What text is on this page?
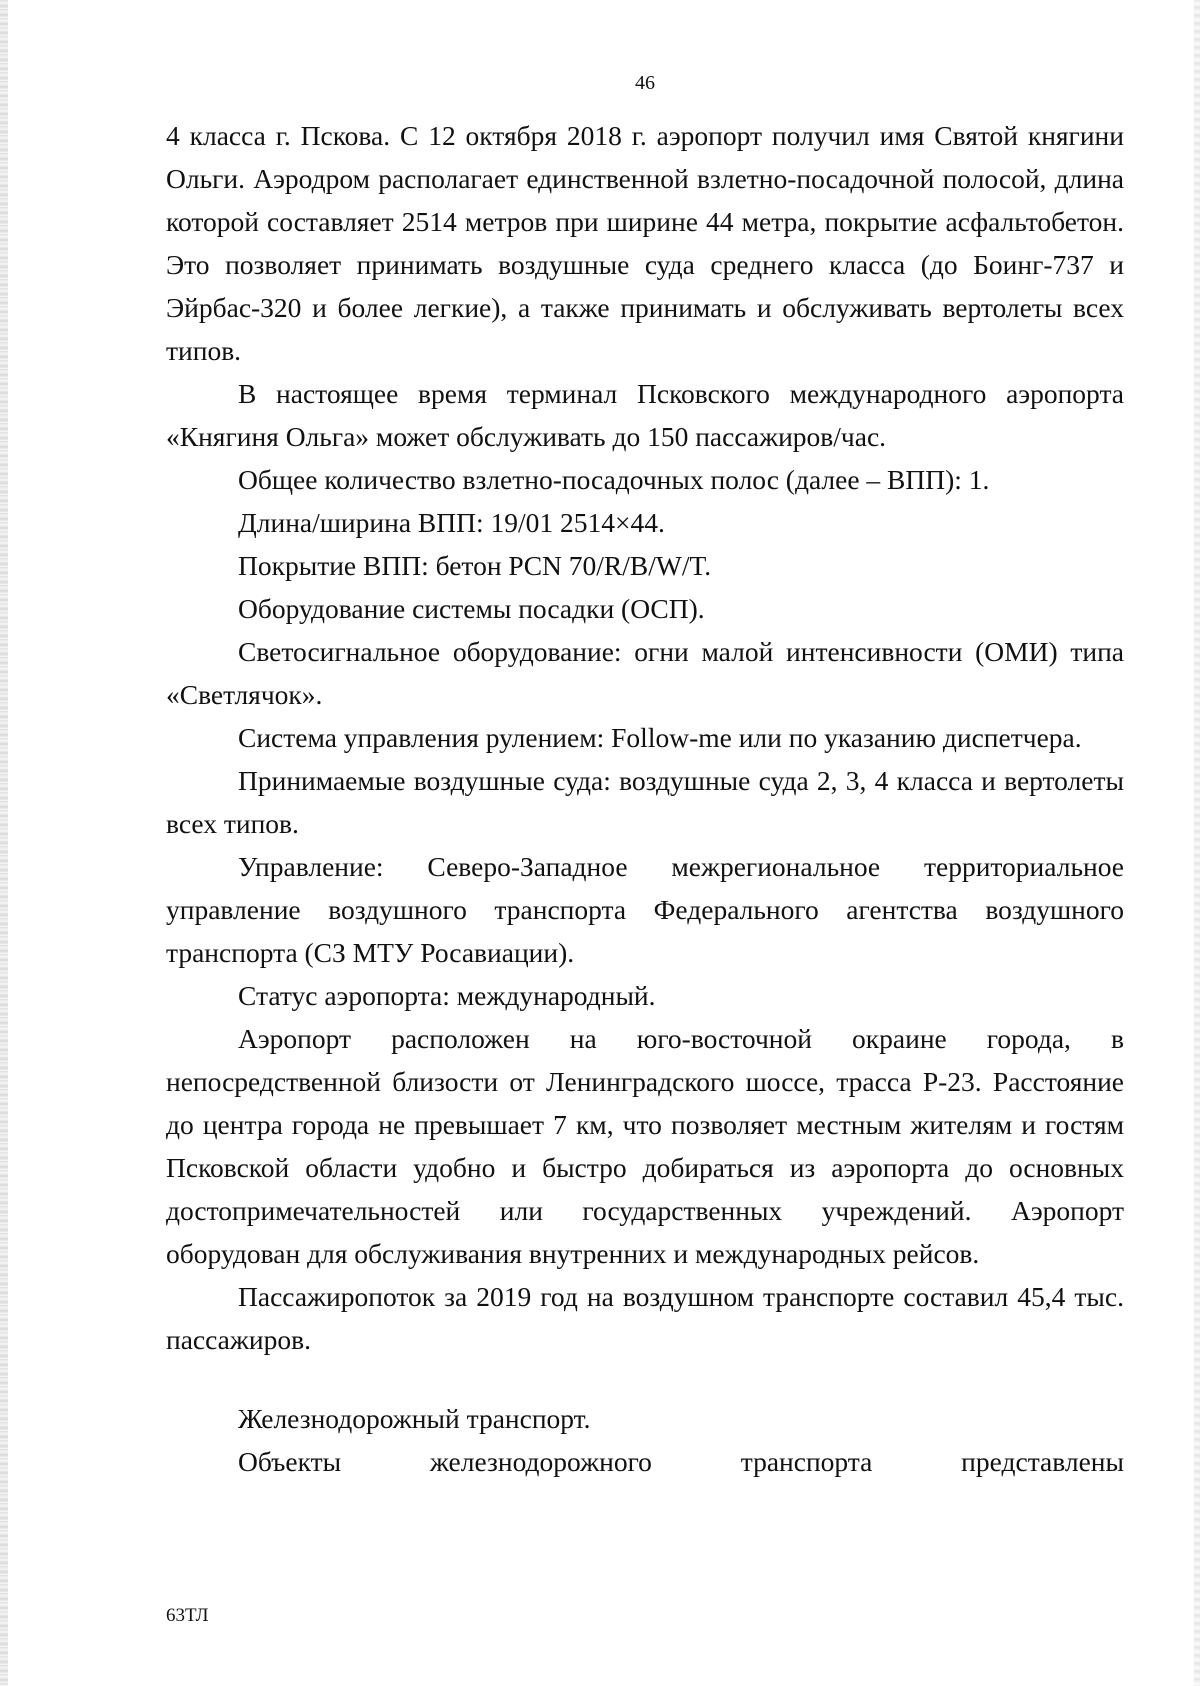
46

4 класса г. Пскова. С 12 октября 2018 г. аэропорт получил имя Святой княгини Ольги. Аэродром располагает единственной взлетно-посадочной полосой, длина которой составляет 2514 метров при ширине 44 метра, покрытие асфальтобетон. Это позволяет принимать воздушные суда среднего класса (до Боинг-737 и Эйрбас-320 и более легкие), а также принимать и обслуживать вертолеты всех типов.

В настоящее время терминал Псковского международного аэропорта «Княгиня Ольга» может обслуживать до 150 пассажиров/час.

Общее количество взлетно-посадочных полос (далее – ВПП): 1.

Длина/ширина ВПП: 19/01 2514×44.

Покрытие ВПП: бетон PCN 70/R/B/W/T.

Оборудование системы посадки (ОСП).

Светосигнальное оборудование: огни малой интенсивности (ОМИ) типа «Светлячок».

Система управления рулением: Follow-me или по указанию диспетчера.

Принимаемые воздушные суда: воздушные суда 2, 3, 4 класса и вертолеты всех типов.

Управление: Северо-Западное межрегиональное территориальное управление воздушного транспорта Федерального агентства воздушного транспорта (СЗ МТУ Росавиации).

Статус аэропорта: международный.

Аэропорт расположен на юго-восточной окраине города, в непосредственной близости от Ленинградского шоссе, трасса Р-23. Расстояние до центра города не превышает 7 км, что позволяет местным жителям и гостям Псковской области удобно и быстро добираться из аэропорта до основных достопримечательностей или государственных учреждений. Аэропорт оборудован для обслуживания внутренних и международных рейсов.

Пассажиропоток за 2019 год на воздушном транспорте составил 45,4 тыс. пассажиров.

Железнодорожный транспорт.

Объекты железнодорожного транспорта представлены

63ТЛ
